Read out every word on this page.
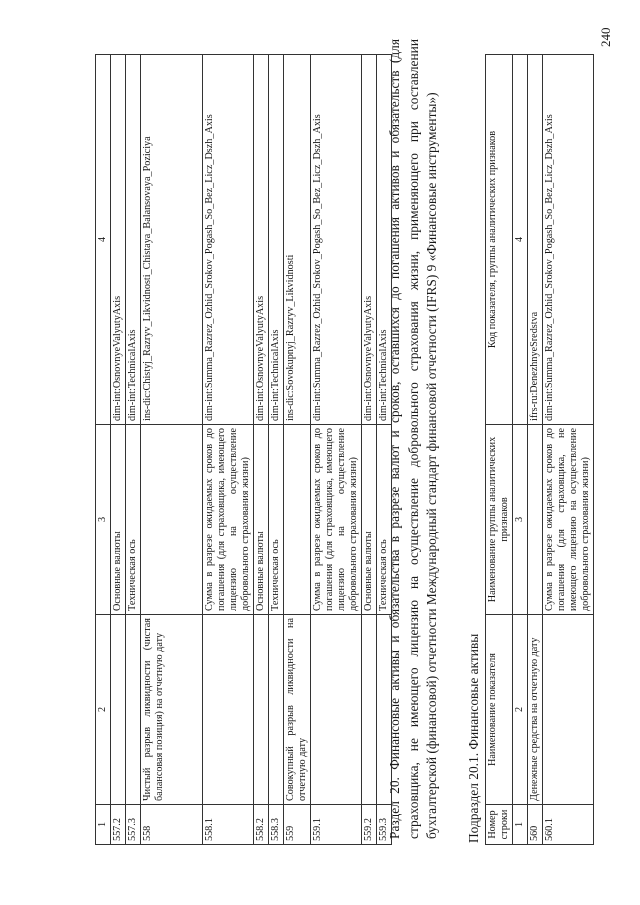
1	2	3	4
557.2		Основные валюты	dim-int:OsnovnyeValyutyAxis
557.3		Техническая ось	dim-int:TechnicalAxis
558	Чистый разрыв ликвидности (чистая балансовая позиция) на отчетную дату		ins-dic:Chistyj_Razryv_Likvidnosti_Chistaya_Balansovaya_Poziciya
558.1		Сумма в разрезе ожидаемых сроков до погашения (для страховщика, имеющего лицензию на осуществление добровольного страхования жизни)	dim-int:Summa_Razrez_Ozhid_Srokov_Pogash_So_Bez_Licz_Dszh_Axis
558.2		Основные валюты	dim-int:OsnovnyeValyutyAxis
558.3		Техническая ось	dim-int:TechnicalAxis
559	Совокупный разрыв ликвидности на отчетную дату		ins-dic:Sovokupnyj_Razryv_Likvidnosti
559.1		Сумма в разрезе ожидаемых сроков до погашения (для страховщика, имеющего лицензию на осуществление добровольного страхования жизни)	dim-int:Summa_Razrez_Ozhid_Srokov_Pogash_So_Bez_Licz_Dszh_Axis
559.2		Основные валюты	dim-int:OsnovnyeValyutyAxis
559.3		Техническая ось	dim-int:TechnicalAxis
Раздел 20. Финансовые активы и обязательства в разрезе валют и сроков, оставшихся до погашения активов и обязательств (для страховщика, не имеющего лицензию на осуществление добровольного страхования жизни, применяющего при составлении бухгалтерской (финансовой) отчетности Международный стандарт финансовой отчетности (IFRS) 9 «Финансовые инструменты») Подраздел 20.1. Финансовые активы Номер строки	Наименование показателя	Наименование группы аналитических признаков	Код показателя, группы аналитических признаков
1	2	3	4
560	Денежные средства на отчетную дату		ifrs-ru:DenezhnyeSredstva
560.1		Сумма в разрезе ожидаемых сроков до погашения (для страховщика, не имеющего лицензию на осуществление добровольного страхования жизни)	dim-int:Summa_Razrez_Ozhid_Srokov_Pogash_So_Bez_Licz_Dszh_Axis
240
